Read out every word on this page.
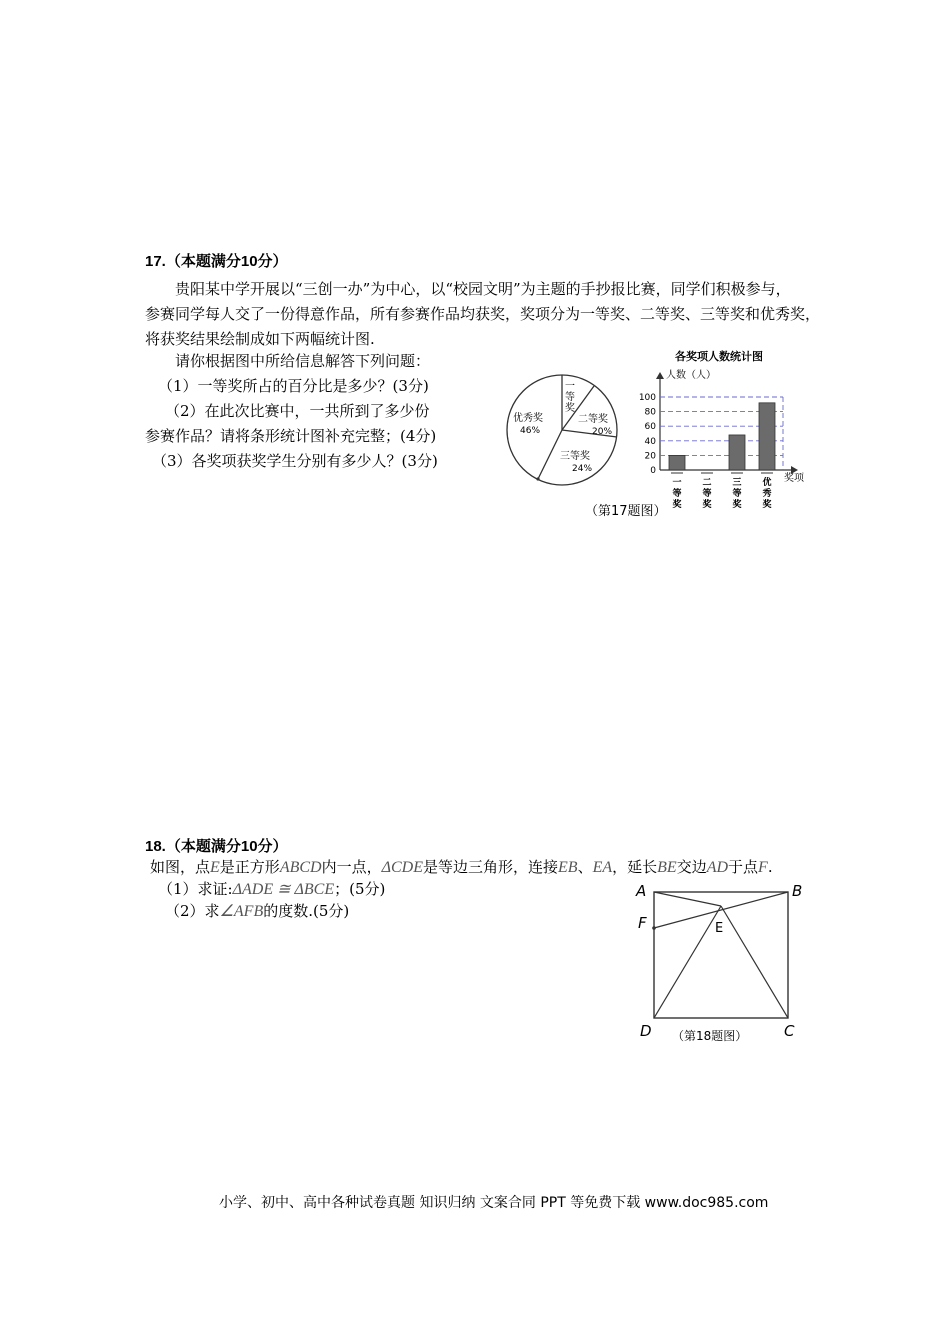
17.（本题满分10分）
贵阳某中学开展以“三创一办”为中心，以“校园文明”为主题的手抄报比赛，同学们积极参与，
参赛同学每人交了一份得意作品，所有参赛作品均获奖，奖项分为一等奖、二等奖、三等奖和优秀奖，
将获奖结果绘制成如下两幅统计图.
请你根据图中所给信息解答下列问题：
（1）一等奖所占的百分比是多少？(3分)
（2）在此次比赛中，一共所到了多少份
参赛作品？请将条形统计图补充完整；(4分)
（3）各奖项获奖学生分别有多少人？(3分)
一
等
奖
二等奖
20%
三等奖
24%
优秀奖
46%
各奖项人数统计图
人数（人）
奖项
0
20
40
60
80
100
一
等
奖
二
等
奖
三
等
奖
优
秀
奖
（第17题图）
18.（本题满分10分）
如图，点E是正方形ABCD内一点，ΔCDE是等边三角形，连接EB、EA，延长BE交边AD于点F.
（1）求证:ΔADE ≅ ΔBCE；(5分)
（2）求∠AFB的度数.(5分)
A	B
C
D
E
F
（第18题图）
小学、初中、高中各种试卷真题 知识归纳 文案合同 PPT 等免费下载 www.doc985.com
